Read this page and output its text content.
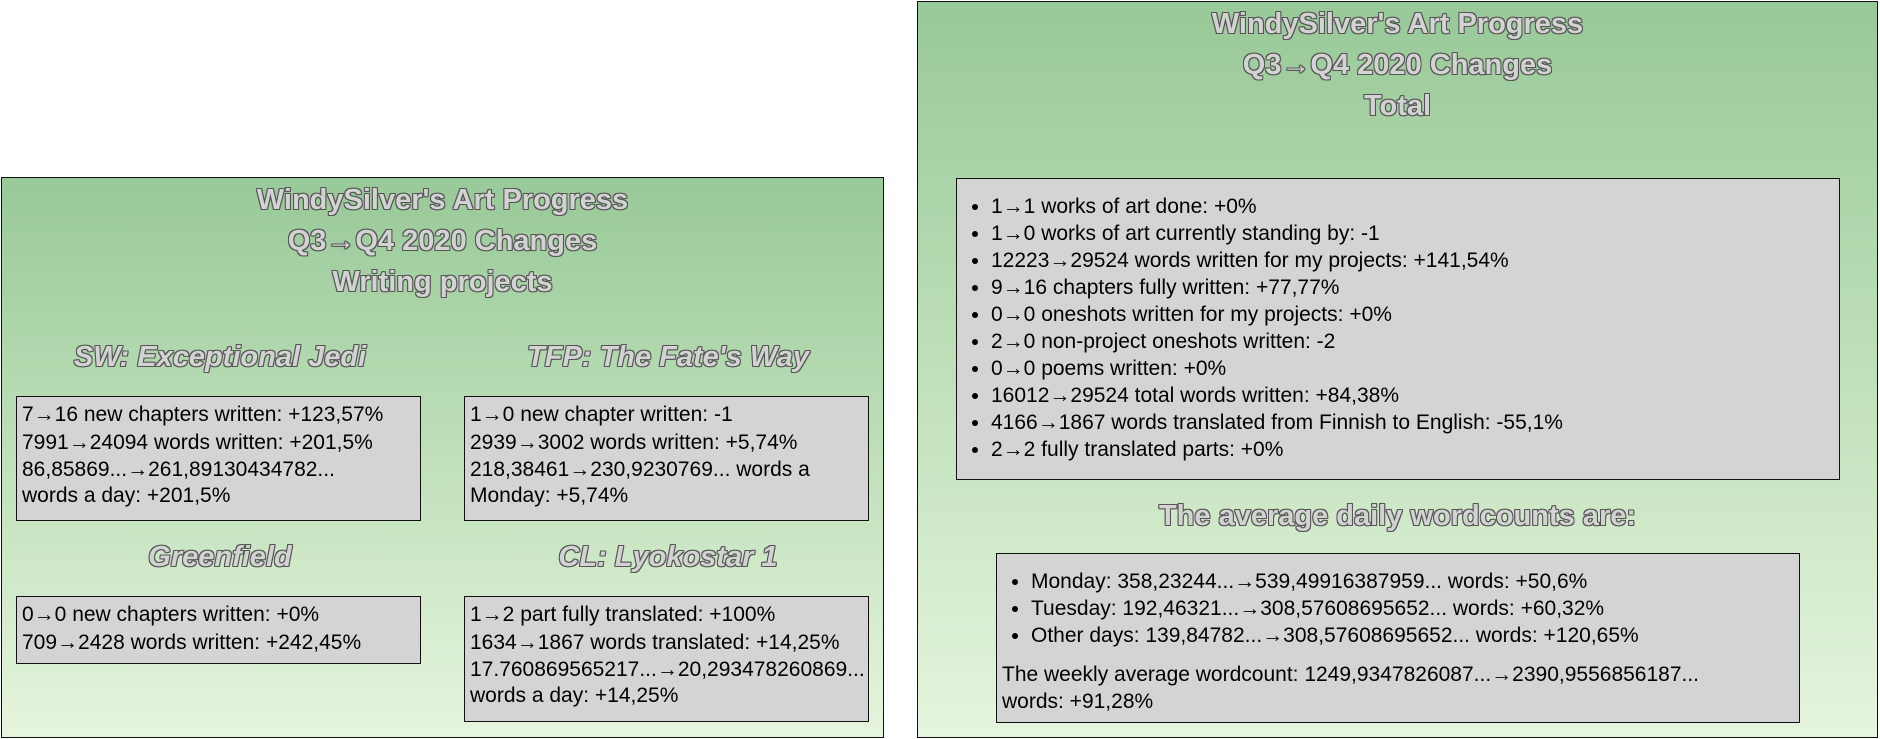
WindySilver's Art Progress
Q3→Q4 2020 Changes
Writing projects
SW: Exceptional Jedi
7→16 new chapters written: +123,57%
7991→24094 words written: +201,5%
86,85869...→261,89130434782... words a day: +201,5%
TFP: The Fate's Way
1→0 new chapter written: -1
2939→3002 words written: +5,74%
218,38461→230,9230769... words a Monday: +5,74%
Greenfield
0→0 new chapters written: +0%
709→2428 words written: +242,45%
CL: Lyokostar 1
1→2 part fully translated: +100%
1634→1867 words translated: +14,25%
17.760869565217...→20,293478260869... words a day: +14,25%
WindySilver's Art Progress
Q3→Q4 2020 Changes
Total
• 1→1 works of art done: +0%
• 1→0 works of art currently standing by: -1
• 12223→29524 words written for my projects: +141,54%
• 9→16 chapters fully written: +77,77%
• 0→0 oneshots written for my projects: +0%
• 2→0 non-project oneshots written: -2
• 0→0 poems written: +0%
• 16012→29524 total words written: +84,38%
• 4166→1867 words translated from Finnish to English: -55,1%
• 2→2 fully translated parts: +0%
The average daily wordcounts are:
• Monday: 358,23244...→539,49916387959... words: +50,6%
• Tuesday: 192,46321...→308,57608695652... words: +60,32%
• Other days: 139,84782...→308,57608695652... words: +120,65%
The weekly average wordcount: 1249,9347826087...→2390,9556856187... words: +91,28%
